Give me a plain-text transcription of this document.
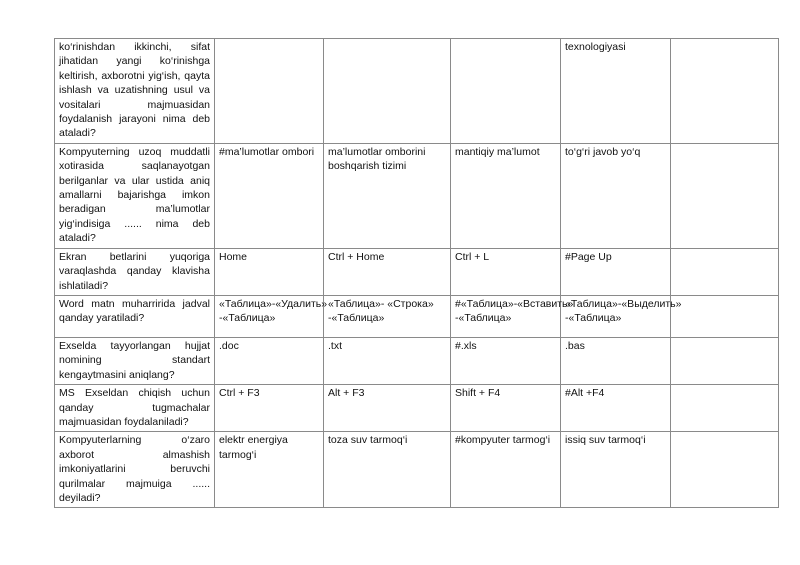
ko‘rinishdan ikkinchi, sifat jihatidan yangi ko‘rinishga keltirish, axborotni yig‘ish, qayta ishlash va uzatishning usul va vositalari majmuasidan foydalanish jarayoni nima deb ataladi?				texnologiyasi	
Kompyuterning uzoq muddatli xotirasida saqlanayotgan berilganlar va ular ustida aniq amallarni bajarishga imkon beradigan ma’lumotlar yig‘indisiga ...... nima deb ataladi?	#ma’lumotlar ombori	ma’lumotlar omborini boshqarish tizimi	mantiqiy ma’lumot	to‘g‘ri javob yo‘q	
Ekran betlarini yuqoriga varaqlashda qanday klavisha ishlatiladi?	Home	Ctrl + Home	Ctrl + L	#Page Up	
Word matn muharririda jadval qanday yaratiladi?	«Таблица»-«Удалить» -«Таблица»	«Таблица»- «Строка» -«Таблица»	#«Таблица»-«Вставить» -«Таблица»	«Таблица»-«Выделить» -«Таблица»	
Exselda tayyorlangan hujjat nomining standart kengaytmasini aniqlang?	.doc	.txt	#.xls	.bas	
MS Exseldan chiqish uchun qanday tugmachalar majmuasidan foydalaniladi?	Ctrl + F3	Alt + F3	Shift + F4	#Alt +F4	
Kompyuterlarning o‘zaro axborot almashish imkoniyatlarini beruvchi qurilmalar majmuiga ...... deyiladi?	elektr energiya tarmog‘i	toza suv tarmoq‘i	#kompyuter tarmog‘i	issiq suv tarmoq‘i	
